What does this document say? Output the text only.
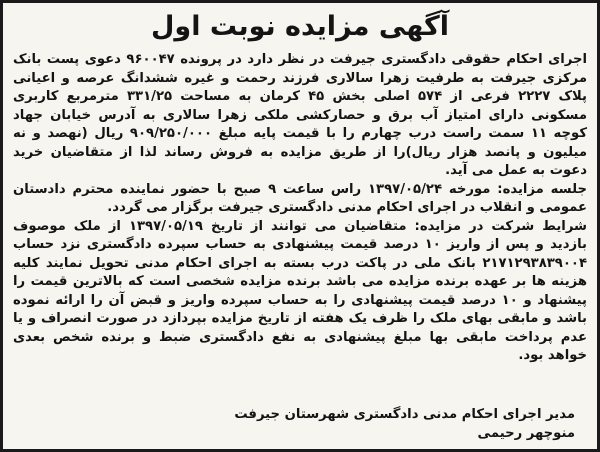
آگهی مزایده نوبت اول

اجرای احکام حقوقی دادگستری جیرفت در نظر دارد در پرونده ۹۶۰۰۴۷ دعوی پست بانک مرکزی جیرفت به طرفیت زهرا سالاری فرزند رحمت و غیره ششدانگ عرصه و اعیانی پلاک ۲۲۲۷ فرعی از ۵۷۴ اصلی بخش ۴۵ کرمان به مساحت ۳۳۱/۲۵ مترمربع کاربری مسکونی دارای امتیاز آب برق و حصارکشی ملکی زهرا سالاری به آدرس خیابان جهاد کوچه ۱۱ سمت راست درب چهارم را با قیمت پایه مبلغ ۹۰۹/۲۵۰/۰۰۰ ریال (نهصد و نه میلیون و پانصد هزار ریال)را از طریق مزایده به فروش رساند لذا از متقاضیان خرید دعوت به عمل می آید.

جلسه مزایده: مورخه ۱۳۹۷/۰۵/۲۴ راس ساعت ۹ صبح با حضور نماینده محترم دادستان عمومی و انقلاب در اجرای احکام مدنی دادگستری جیرفت برگزار می گردد.

شرایط شرکت در مزایده: متقاضیان می توانند از تاریخ ۱۳۹۷/۰۵/۱۹ از ملک موصوف بازدید و پس از واریز ۱۰ درصد قیمت پیشنهادی به حساب سپرده دادگستری نزد حساب ۲۱۷۱۲۹۳۸۳۹۰۰۴ بانک ملی در پاکت درب بسته به اجرای احکام مدنی تحویل نمایند کلیه هزینه ها بر عهده برنده مزایده می باشد برنده مزایده شخصی است که بالاترین قیمت را پیشنهاد و ۱۰ درصد قیمت پیشنهادی را به حساب سپرده واریز و قبض آن را ارائه نموده باشد و مابقی بهای ملک را ظرف یک هفته از تاریخ مزایده بپردازد در صورت انصراف و یا عدم پرداخت مابقی بها مبلغ پیشنهادی به نفع دادگستری ضبط و برنده شخص بعدی خواهد بود.

مدیر اجرای احکام مدنی دادگستری شهرستان جیرفت
منوچهر رحیمی
